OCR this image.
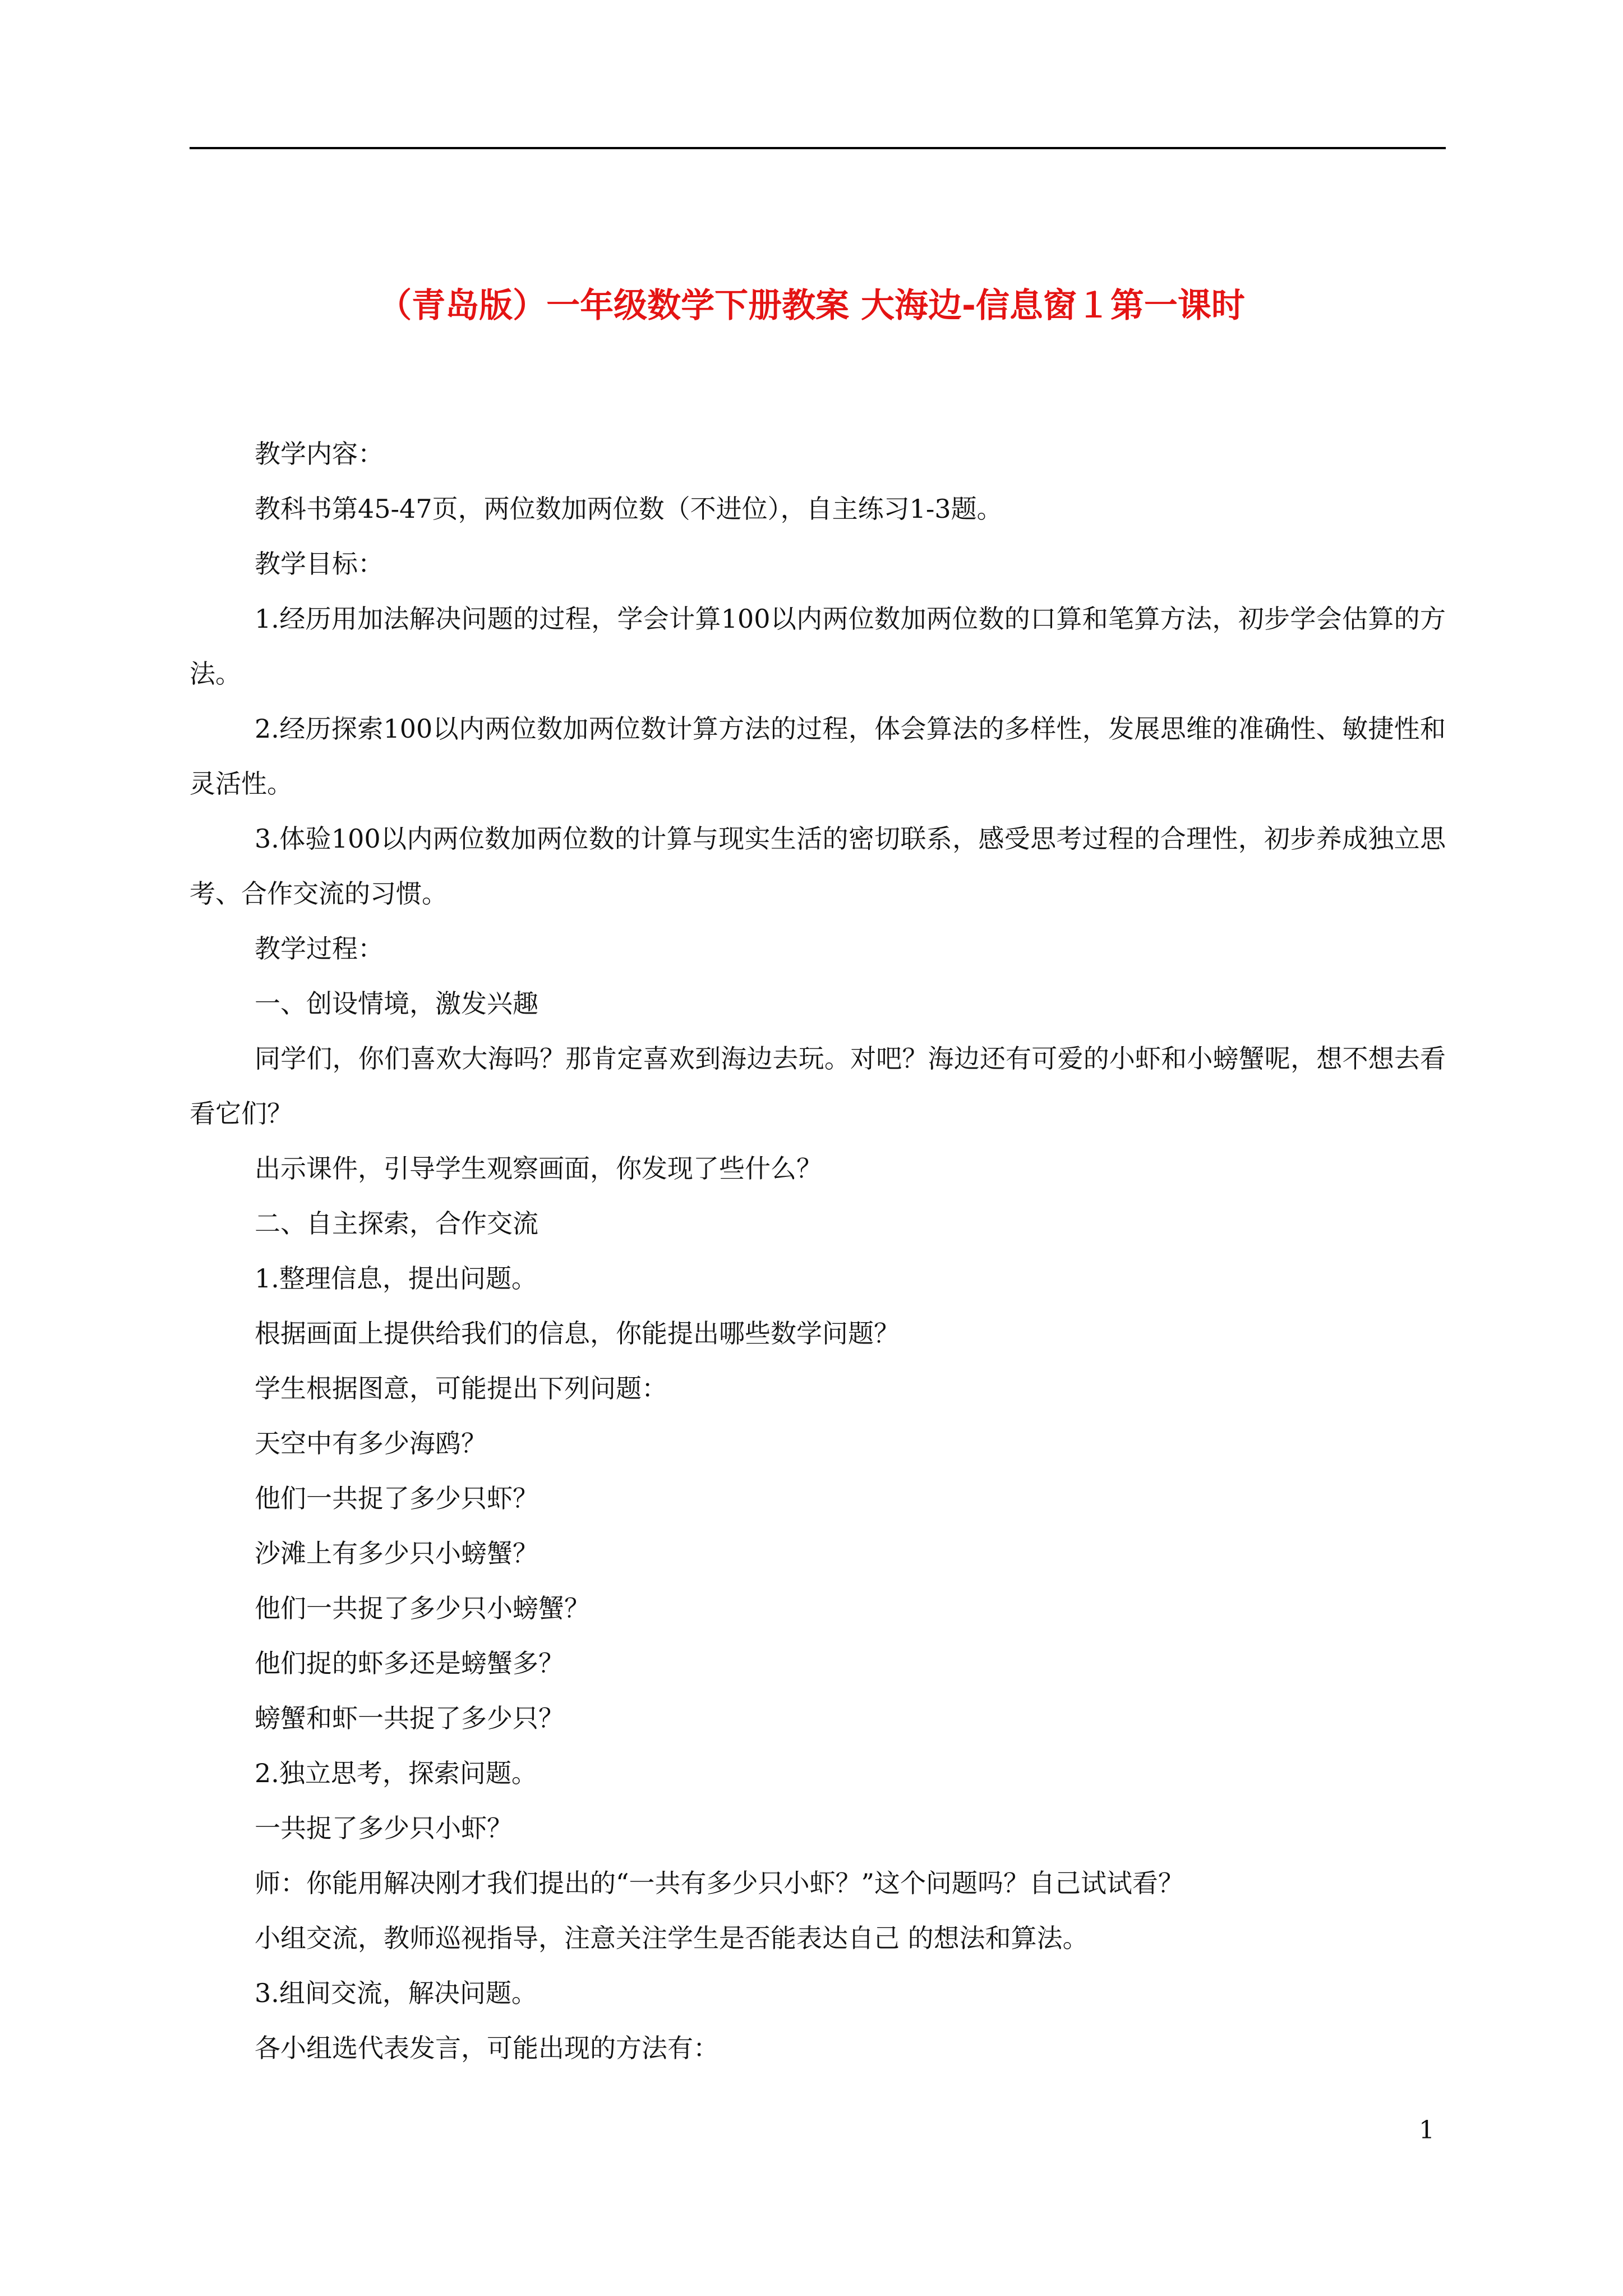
（青岛版）一年级数学下册教案 大海边-信息窗１第一课时

教学内容：

教科书第45-47页，两位数加两位数（不进位），自主练习1-3题。

教学目标：

1.经历用加法解决问题的过程，学会计算100以内两位数加两位数的口算和笔算方法，初步学会估算的方法。

2.经历探索100以内两位数加两位数计算方法的过程，体会算法的多样性，发展思维的准确性、敏捷性和灵活性。

3.体验100以内两位数加两位数的计算与现实生活的密切联系，感受思考过程的合理性，初步养成独立思考、合作交流的习惯。

教学过程：

一、创设情境，激发兴趣

同学们，你们喜欢大海吗？那肯定喜欢到海边去玩。对吧？海边还有可爱的小虾和小螃蟹呢，想不想去看看它们？

出示课件，引导学生观察画面，你发现了些什么？

二、自主探索，合作交流

1.整理信息，提出问题。

根据画面上提供给我们的信息，你能提出哪些数学问题？

学生根据图意，可能提出下列问题：

天空中有多少海鸥？

他们一共捉了多少只虾？

沙滩上有多少只小螃蟹？

他们一共捉了多少只小螃蟹？

他们捉的虾多还是螃蟹多？

螃蟹和虾一共捉了多少只？

2.独立思考，探索问题。

一共捉了多少只小虾？

师：你能用解决刚才我们提出的“一共有多少只小虾？”这个问题吗？自己试试看？

小组交流，教师巡视指导，注意关注学生是否能表达自己 的想法和算法。

3.组间交流，解决问题。

各小组选代表发言，可能出现的方法有：

1
